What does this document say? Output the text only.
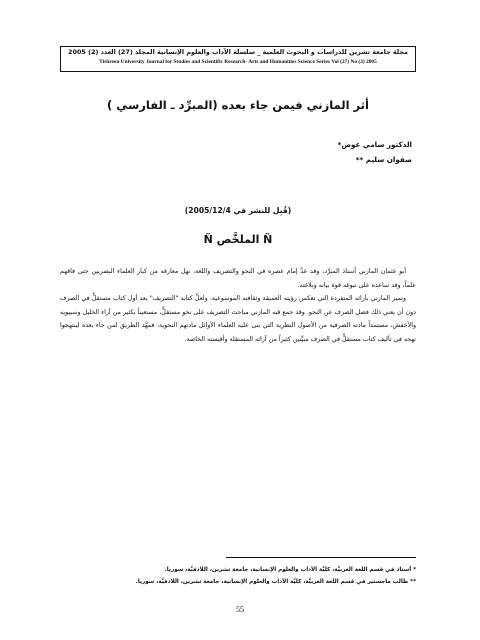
مجلة جامعة تشرين للدراسات و البحوث العلمية _ سلسلة الآداب والعلوم الإنسانية المجلد (27) العدد (2) 2005
Tishreen University Journal for Studies and Scientific Research- Arts and Humanities Science Series Vol (27) No (2) 2005
أثر المازني فيمن جاء بعده (المبرِّد ـ الفارسي )
الدكتور سامي عوض*
صفوان سليم **
(قُبِل للنشر في 2005/12/4)
Ñ الملخَّص Ñ

أبو عثمان المازني أستاذ المبرِّد، وقد عدَّ إمام عصره في النحو والتصريف واللغة، نهل معارفه من كبار العلماء البصريين حتى فاقهم علماً، وقد ساعده على نبوغه قوة بيانه وبلاغته.

وتميز المازني بآرائه المتفردة التي تعكس رؤيته العميقة وثقافته الموسوعية، ولعلَّ كتابه "التصريف" يعد أول كتاب مستقلٍّ في الصرف دون أن يعني ذلك فصل الصرف عن النحو. وقد جمع فيه المازني مباحث التصريف على نحو مستقلٍّ، مستعيناً بكثير من آراء الخليل وسيبويه والأخفش، مستمداً مادته الصرفية من الأصول النظرية التي بنى عليه العلماء الأوائل مادتهم النحوية، فمهَّد الطريق لمن جاء بعده لينتهجوا نهجه في تأليف كتاب مستقلٍّ في الصرف مبيِّنين كثيراً من آرائه المستقلة وأقيسته الخاصة.

* أستاذ في قسم اللغة العربيَّة، كليَّة الآداب والعلوم الإنسانية، جامعة تشرين، اللاذقيَّة، سوريا.
** طالب ماجستير في قسم اللغة العربيَّة، كليَّة الآداب والعلوم الإنسانية، جامعة تشرين، اللاذقيَّة، سوريا.
55
